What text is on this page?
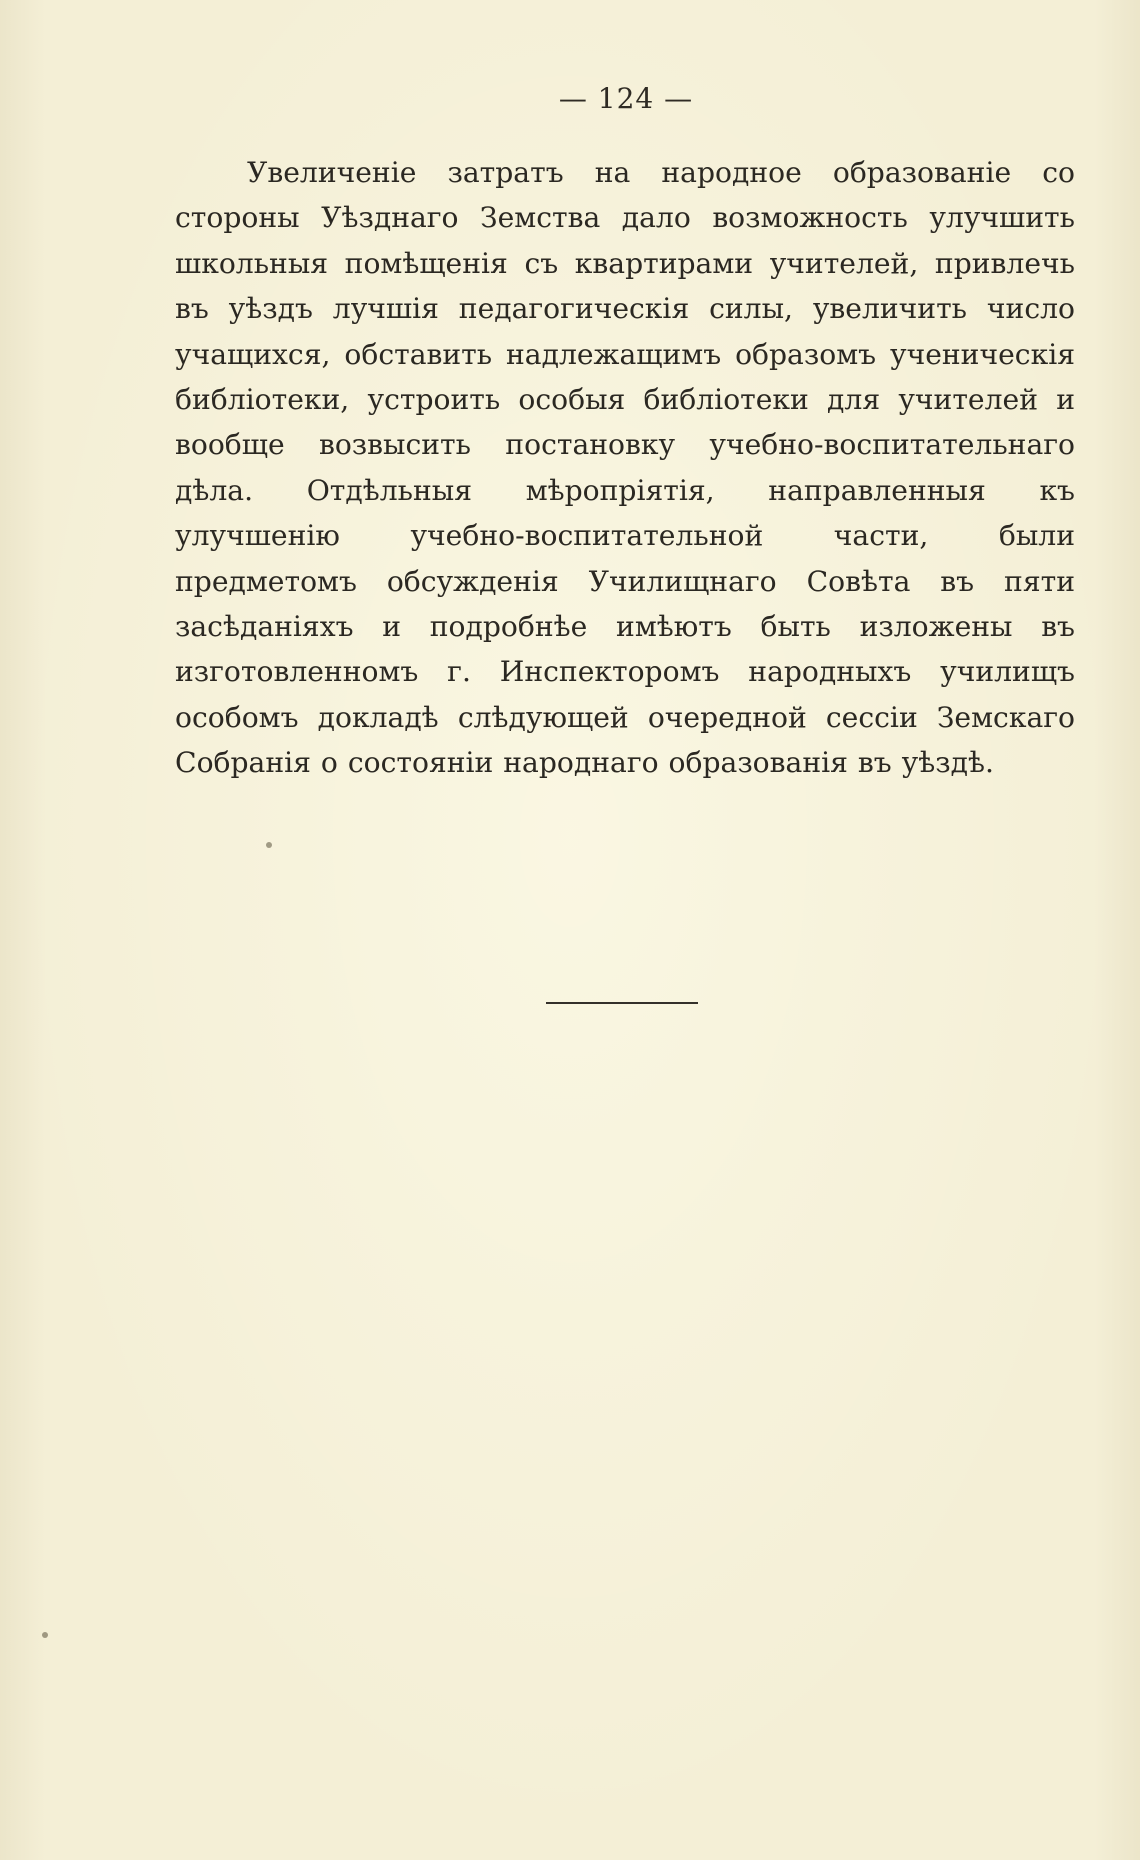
— 124 —

Увеличенiе затратъ на народное образованiе со стороны Уѣзднаго Земства дало возможность улучшить школьныя помѣщенiя съ квартирами учителей, привлечь въ уѣздъ лучшiя педагогическiя силы, увеличить число учащихся, обставить надлежащимъ образомъ ученическiя библiотеки, устроить особыя библiотеки для учителей и вообще возвысить постановку учебно-воспитательнаго дѣла. Отдѣльныя мѣропрiятiя, направленныя къ улучшенiю учебно-воспитательной части, были предметомъ обсужденiя Училищнаго Совѣта въ пяти засѣданiяхъ и подробнѣе имѣютъ быть изложены въ изготовленномъ г. Инспекторомъ народныхъ училищъ особомъ докладѣ слѣдующей очередной сессiи Земскаго Собранiя о состоянiи народнаго образованiя въ уѣздѣ.
